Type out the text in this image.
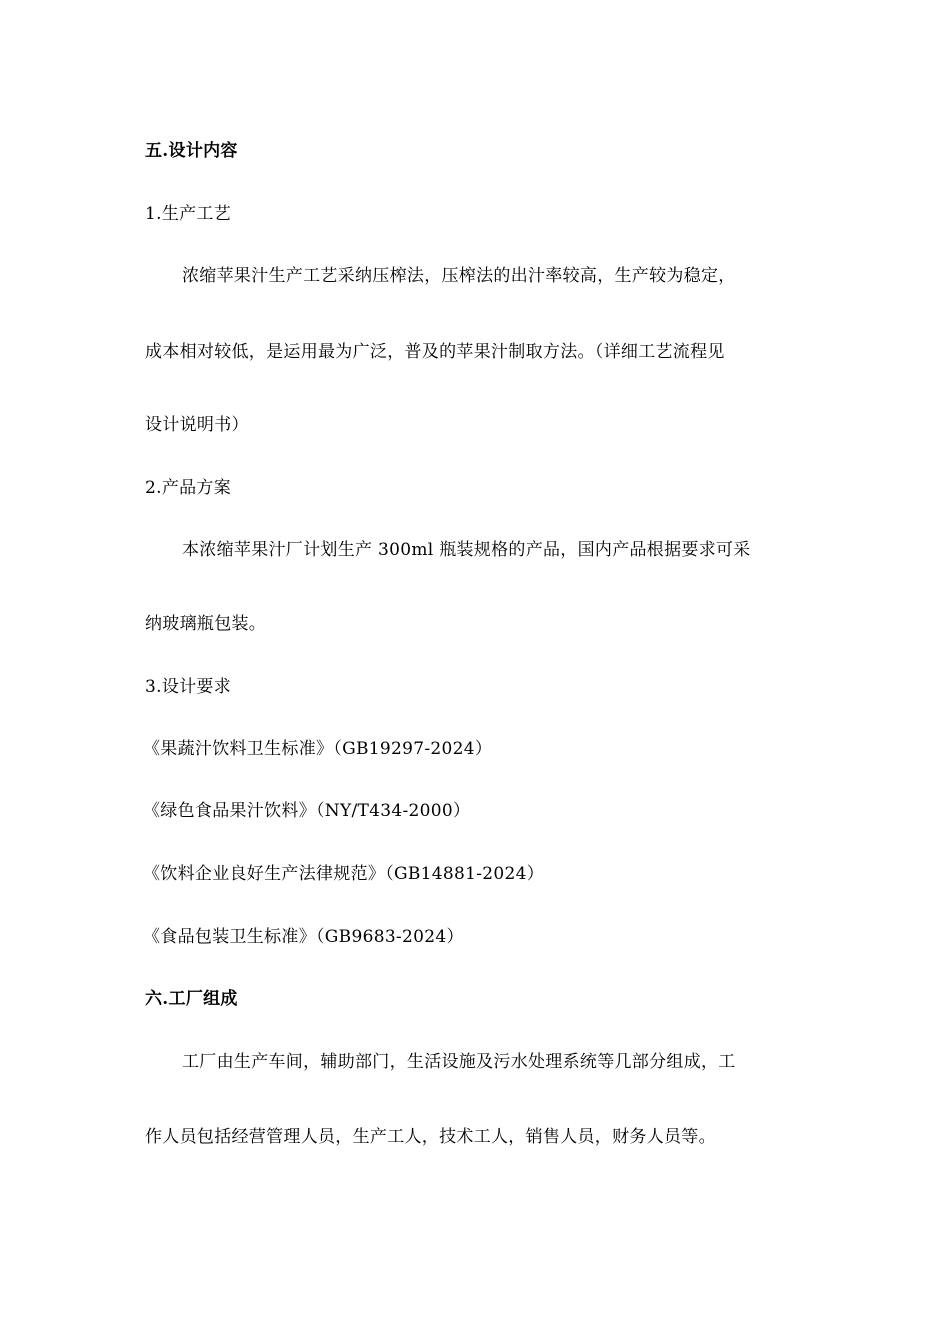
五.设计内容
1.生产工艺
浓缩苹果汁生产工艺采纳压榨法，压榨法的出汁率较高，生产较为稳定，
成本相对较低，是运用最为广泛，普及的苹果汁制取方法。（详细工艺流程见
设计说明书）
2.产品方案
本浓缩苹果汁厂计划生产 300ml 瓶装规格的产品，国内产品根据要求可采
纳玻璃瓶包装。
3.设计要求
《果蔬汁饮料卫生标准》（GB19297-2024）
《绿色食品果汁饮料》（NY/T434-2000）
《饮料企业良好生产法律规范》（GB14881-2024）
《食品包装卫生标准》（GB9683-2024）
六.工厂组成
工厂由生产车间，辅助部门，生活设施及污水处理系统等几部分组成，工
作人员包括经营管理人员，生产工人，技术工人，销售人员，财务人员等。
